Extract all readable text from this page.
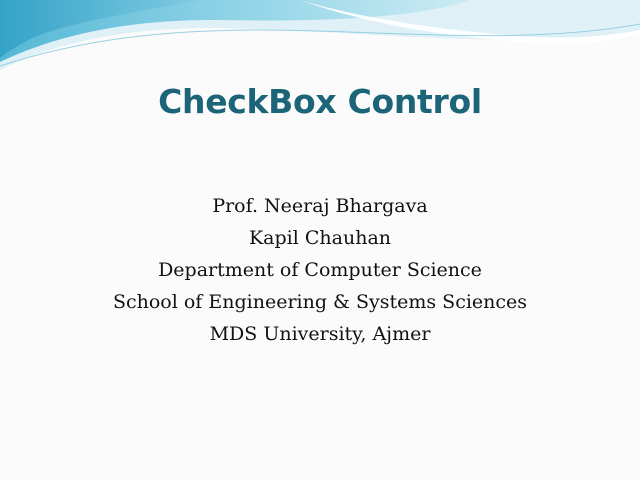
CheckBox Control
Prof. Neeraj Bhargava
Kapil Chauhan
Department of Computer Science
School of Engineering & Systems Sciences
MDS University, Ajmer
